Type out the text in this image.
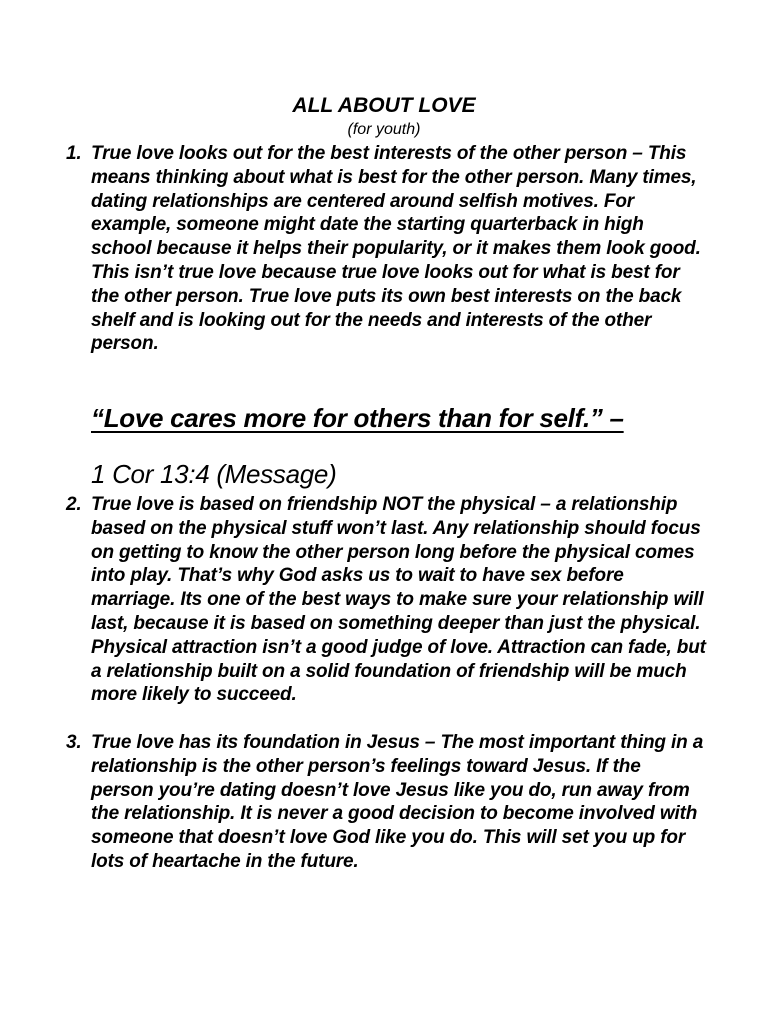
ALL ABOUT LOVE
(for youth)
1. True love looks out for the best interests of the other person – This means thinking about what is best for the other person. Many times, dating relationships are centered around selfish motives. For example, someone might date the starting quarterback in high school because it helps their popularity, or it makes them look good. This isn’t true love because true love looks out for what is best for the other person. True love puts its own best interests on the back shelf and is looking out for the needs and interests of the other person.
“Love cares more for others than for self.” –
1 Cor 13:4 (Message)
2. True love is based on friendship NOT the physical – a relationship based on the physical stuff won’t last. Any relationship should focus on getting to know the other person long before the physical comes into play. That’s why God asks us to wait to have sex before marriage. Its one of the best ways to make sure your relationship will last, because it is based on something deeper than just the physical. Physical attraction isn’t a good judge of love. Attraction can fade, but a relationship built on a solid foundation of friendship will be much more likely to succeed.
3. True love has its foundation in Jesus – The most important thing in a relationship is the other person’s feelings toward Jesus. If the person you’re dating doesn’t love Jesus like you do, run away from the relationship. It is never a good decision to become involved with someone that doesn’t love God like you do. This will set you up for lots of heartache in the future.
